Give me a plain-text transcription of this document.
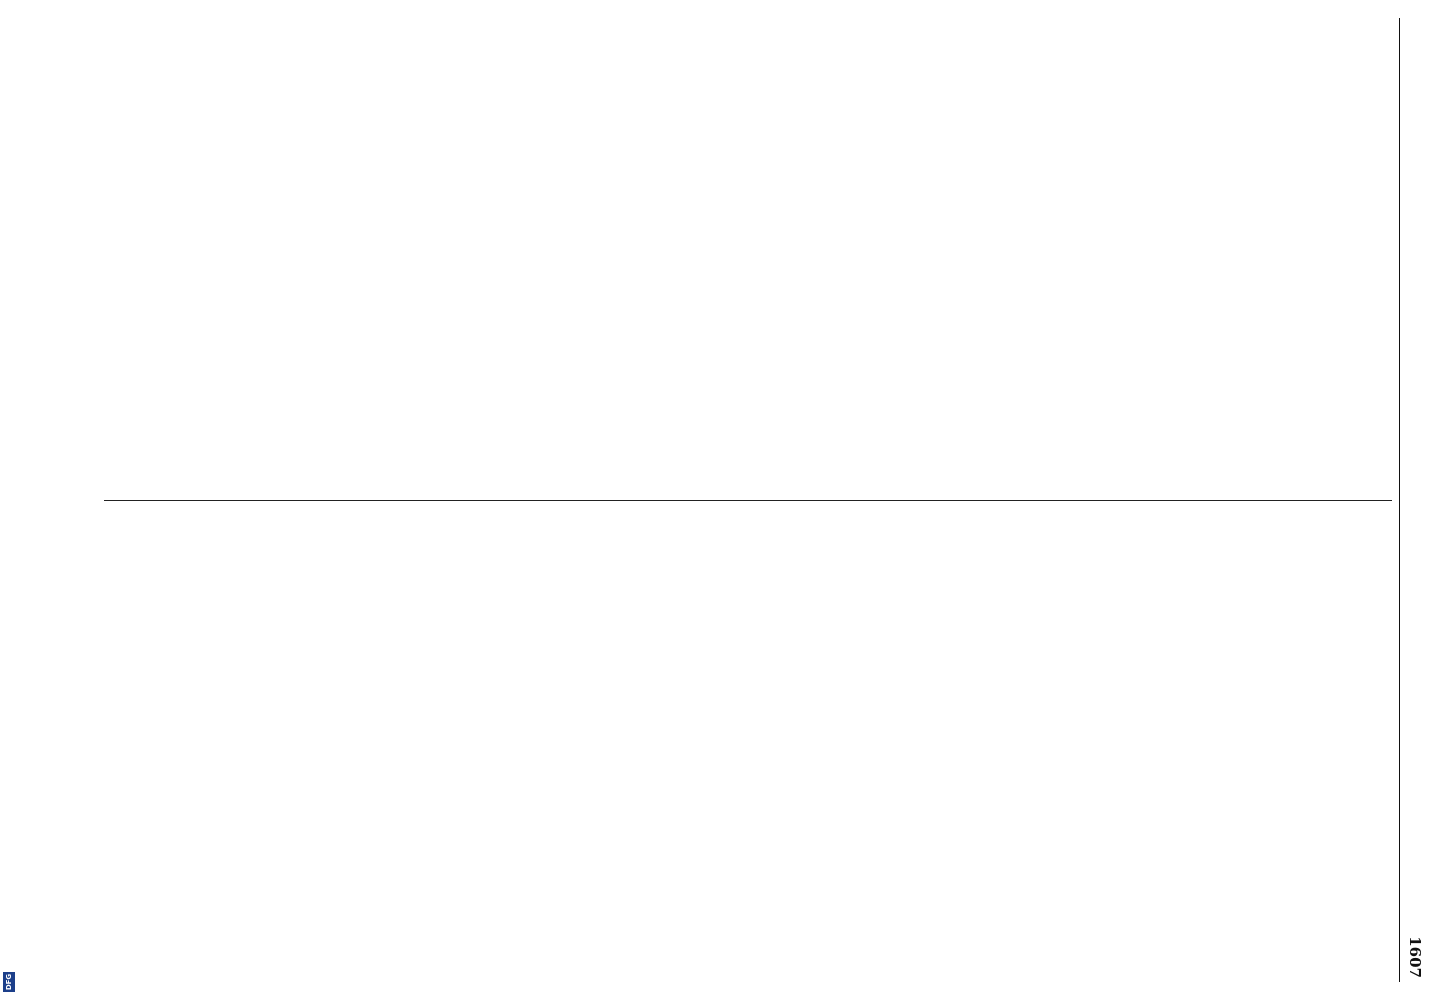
DFG
1607
